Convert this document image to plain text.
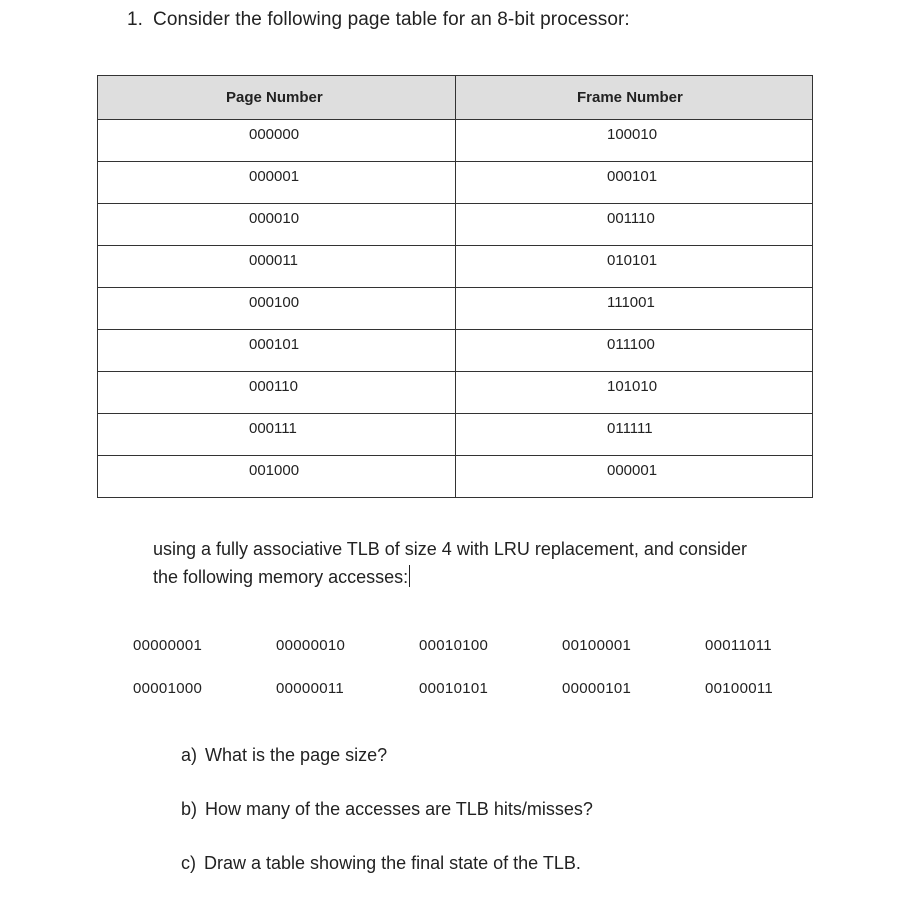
1. Consider the following page table for an 8-bit processor:
Page Number	Frame Number

000000	100010

000001	000101

000010	001110

000011	010101

000100	111001

000101	011100

000110	101010

000111	011111

001000	000001
using a fully associative TLB of size 4 with LRU replacement, and consider
the following memory accesses:
00000001	00000010	00010100	00100001	00011011
00001000	00000011	00010101	00000101	00100011
a) What is the page size?
b) How many of the accesses are TLB hits/misses?
c) Draw a table showing the final state of the TLB.
